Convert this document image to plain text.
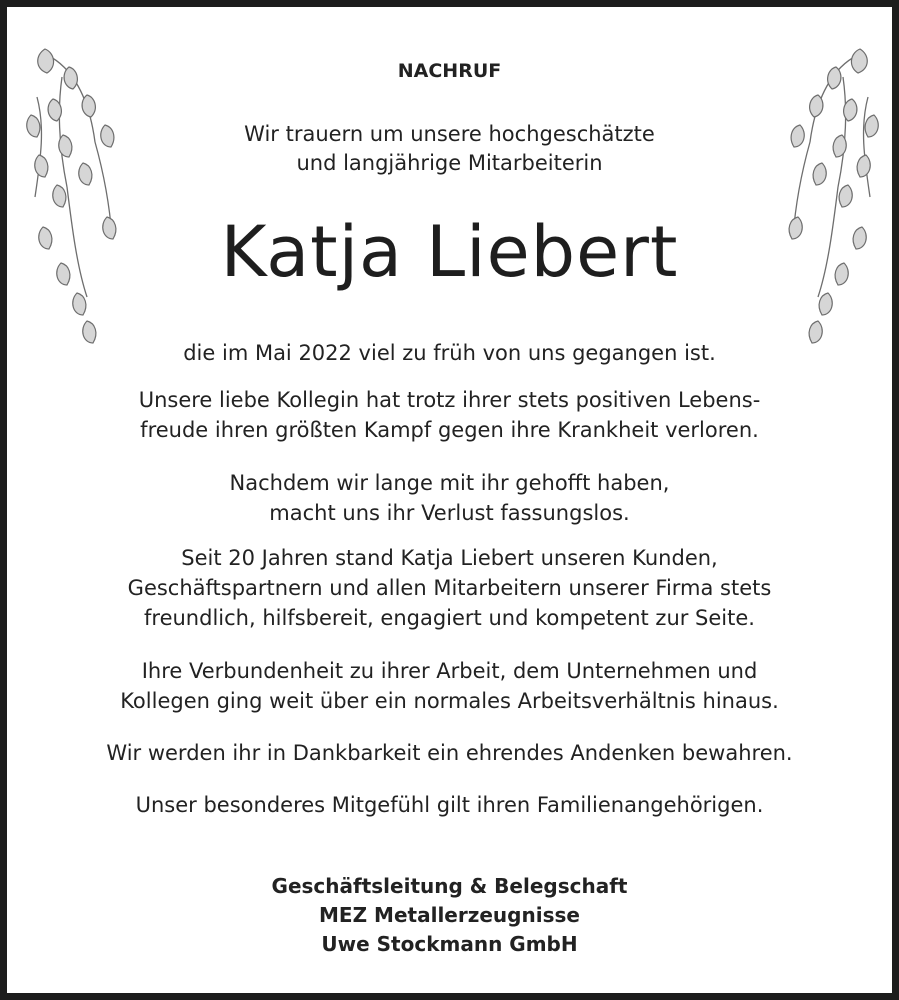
NACHRUF
Wir trauern um unsere hochgeschätzte
und langjährige Mitarbeiterin
Katja Liebert
die im Mai 2022 viel zu früh von uns gegangen ist.
Unsere liebe Kollegin hat trotz ihrer stets positiven Lebens-
freude ihren größten Kampf gegen ihre Krankheit verloren.
Nachdem wir lange mit ihr gehofft haben,
macht uns ihr Verlust fassungslos.
Seit 20 Jahren stand Katja Liebert unseren Kunden,
Geschäftspartnern und allen Mitarbeitern unserer Firma stets
freundlich, hilfsbereit, engagiert und kompetent zur Seite.
Ihre Verbundenheit zu ihrer Arbeit, dem Unternehmen und
Kollegen ging weit über ein normales Arbeitsverhältnis hinaus.
Wir werden ihr in Dankbarkeit ein ehrendes Andenken bewahren.
Unser besonderes Mitgefühl gilt ihren Familienangehörigen.
Geschäftsleitung & Belegschaft
MEZ Metallerzeugnisse
Uwe Stockmann GmbH
